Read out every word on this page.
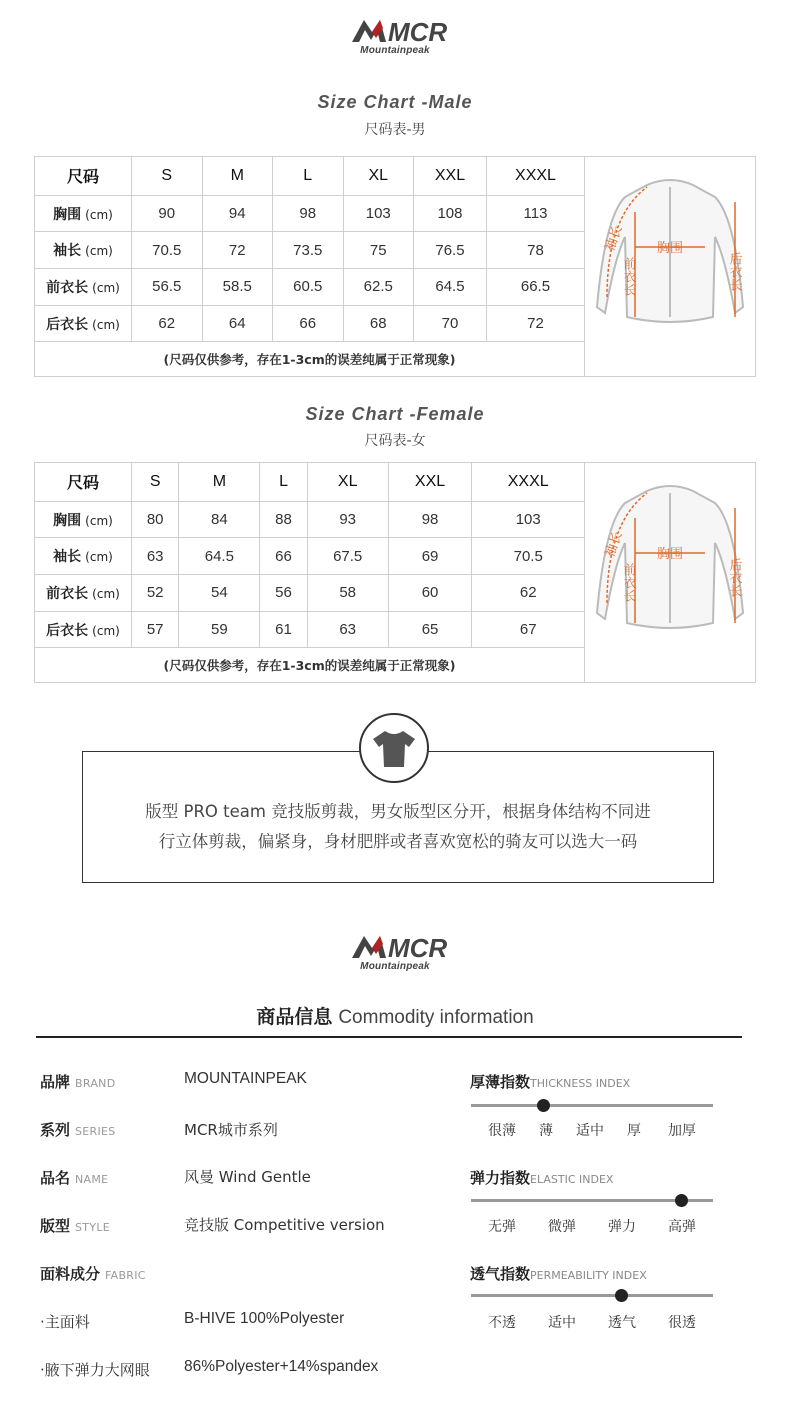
MCR
Mountainpeak
Size Chart -Male
尺码表-男
尺码	S	M	L	XL	XXL	XXXL	袖长 胸围
前衣长 后衣长

胸围 (cm)	90	94	98	103	108	113	
袖长 (cm)	70.5	72	73.5	75	76.5	78	
前衣长 (cm)	56.5	58.5	60.5	62.5	64.5	66.5	
后衣长 (cm)	62	64	66	68	70	72	
(尺码仅供参考，存在1-3cm的误差纯属于正常现象)							
Size Chart -Female
尺码表-女
尺码	S	M	L	XL	XXL	XXXL	袖长 胸围
前衣长 后衣长

胸围 (cm)	80	84	88	93	98	103	
袖长 (cm)	63	64.5	66	67.5	69	70.5	
前衣长 (cm)	52	54	56	58	60	62	
后衣长 (cm)	57	59	61	63	65	67	
(尺码仅供参考，存在1-3cm的误差纯属于正常现象)							
版型 PRO team 竞技版剪裁，男女版型区分开，根据身体结构不同进
行立体剪裁，偏紧身，身材肥胖或者喜欢宽松的骑友可以选大一码
MCR
Mountainpeak
商品信息 Commodity information
品牌 BRAND	MOUNTAINPEAK
系列 SERIES	MCR城市系列
品名 NAME	风曼 Wind Gentle
版型 STYLE	竞技版 Competitive version
面料成分 FABRIC
·主面料	B-HIVE 100%Polyester
·腋下弹力大网眼 86%Polyester+14%spandex
厚薄指数THICKNESS INDEX
很薄	薄	适中	厚	加厚
弹力指数ELASTIC INDEX
无弹	微弹	弹力	高弹
透气指数PERMEABILITY INDEX
不透	适中	透气	很透
